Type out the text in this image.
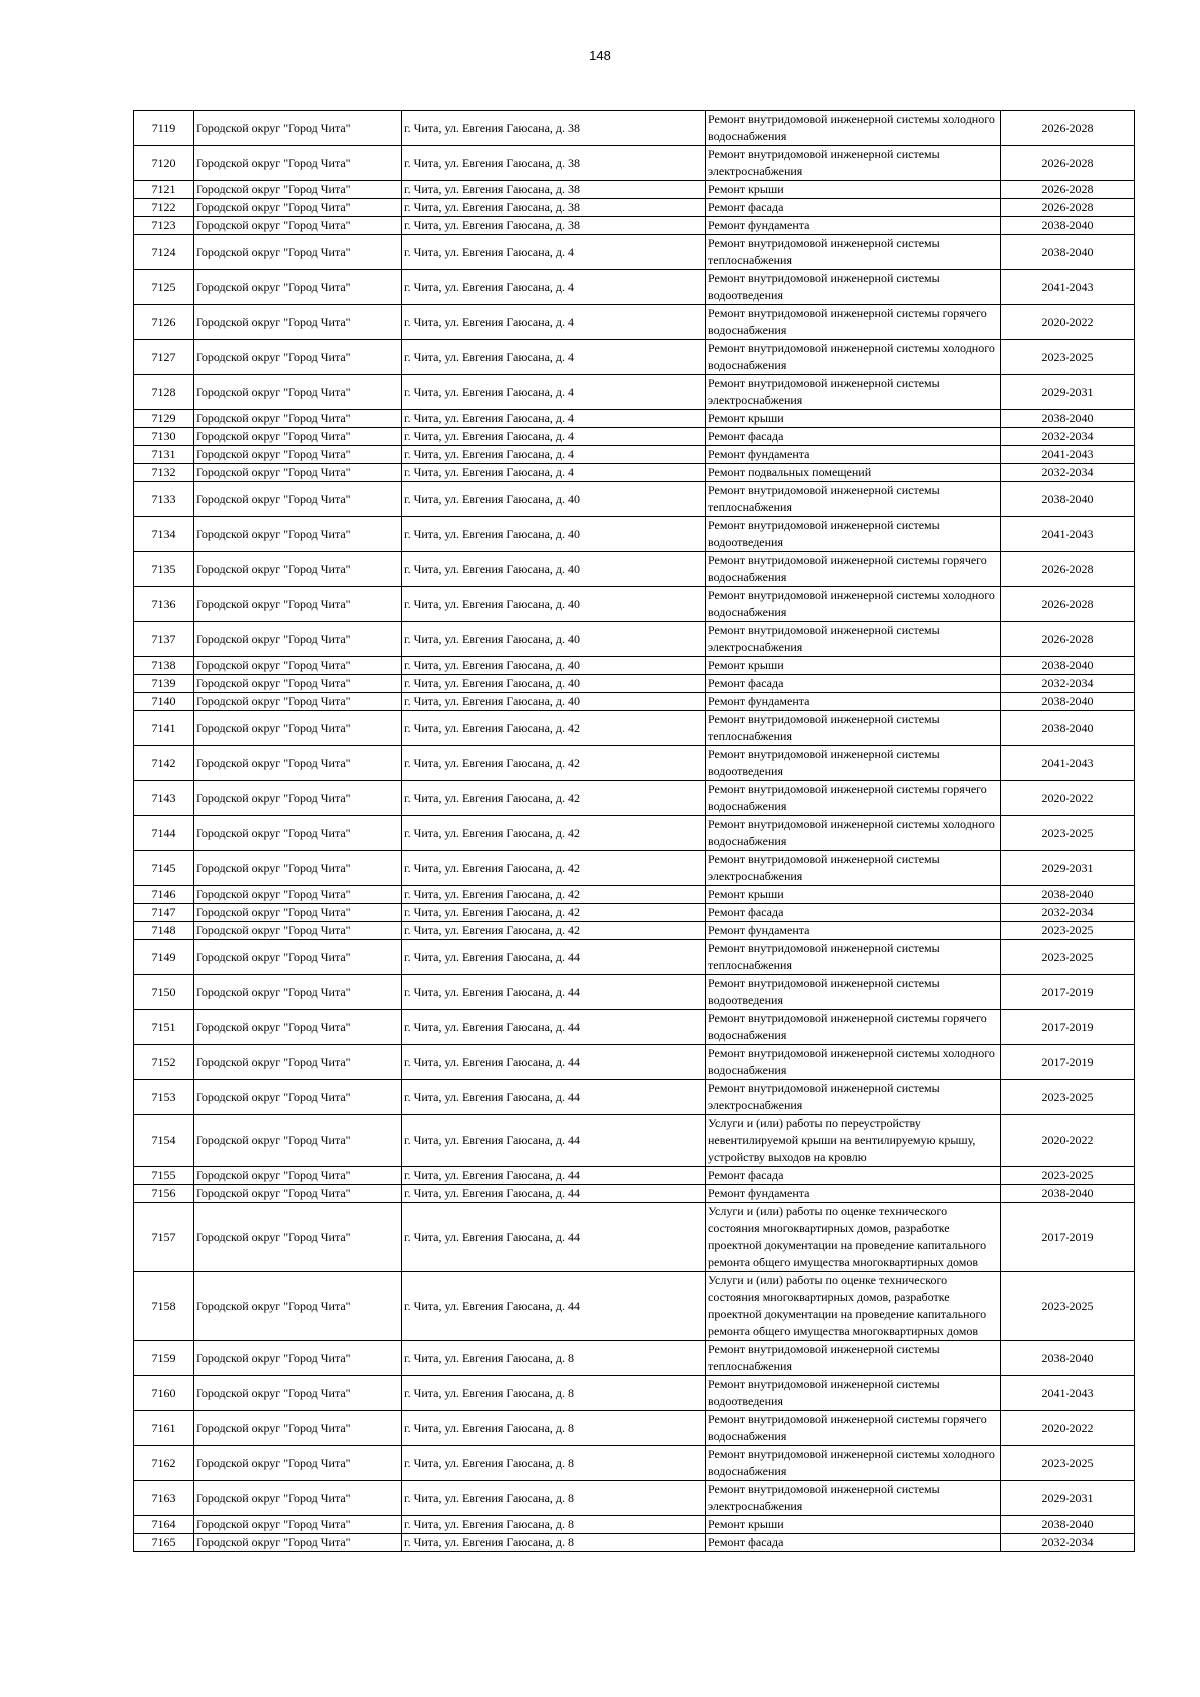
148
7119	Городской округ "Город Чита"	г. Чита, ул. Евгения Гаюсана, д. 38	Ремонт внутридомовой инженерной системы холодного водоснабжения	2026-2028
7120	Городской округ "Город Чита"	г. Чита, ул. Евгения Гаюсана, д. 38	Ремонт внутридомовой инженерной системы электроснабжения	2026-2028
7121	Городской округ "Город Чита"	г. Чита, ул. Евгения Гаюсана, д. 38	Ремонт крыши	2026-2028
7122	Городской округ "Город Чита"	г. Чита, ул. Евгения Гаюсана, д. 38	Ремонт фасада	2026-2028
7123	Городской округ "Город Чита"	г. Чита, ул. Евгения Гаюсана, д. 38	Ремонт фундамента	2038-2040
7124	Городской округ "Город Чита"	г. Чита, ул. Евгения Гаюсана, д. 4	Ремонт внутридомовой инженерной системы теплоснабжения	2038-2040
7125	Городской округ "Город Чита"	г. Чита, ул. Евгения Гаюсана, д. 4	Ремонт внутридомовой инженерной системы водоотведения	2041-2043
7126	Городской округ "Город Чита"	г. Чита, ул. Евгения Гаюсана, д. 4	Ремонт внутридомовой инженерной системы горячего водоснабжения	2020-2022
7127	Городской округ "Город Чита"	г. Чита, ул. Евгения Гаюсана, д. 4	Ремонт внутридомовой инженерной системы холодного водоснабжения	2023-2025
7128	Городской округ "Город Чита"	г. Чита, ул. Евгения Гаюсана, д. 4	Ремонт внутридомовой инженерной системы электроснабжения	2029-2031
7129	Городской округ "Город Чита"	г. Чита, ул. Евгения Гаюсана, д. 4	Ремонт крыши	2038-2040
7130	Городской округ "Город Чита"	г. Чита, ул. Евгения Гаюсана, д. 4	Ремонт фасада	2032-2034
7131	Городской округ "Город Чита"	г. Чита, ул. Евгения Гаюсана, д. 4	Ремонт фундамента	2041-2043
7132	Городской округ "Город Чита"	г. Чита, ул. Евгения Гаюсана, д. 4	Ремонт подвальных помещений	2032-2034
7133	Городской округ "Город Чита"	г. Чита, ул. Евгения Гаюсана, д. 40	Ремонт внутридомовой инженерной системы теплоснабжения	2038-2040
7134	Городской округ "Город Чита"	г. Чита, ул. Евгения Гаюсана, д. 40	Ремонт внутридомовой инженерной системы водоотведения	2041-2043
7135	Городской округ "Город Чита"	г. Чита, ул. Евгения Гаюсана, д. 40	Ремонт внутридомовой инженерной системы горячего водоснабжения	2026-2028
7136	Городской округ "Город Чита"	г. Чита, ул. Евгения Гаюсана, д. 40	Ремонт внутридомовой инженерной системы холодного водоснабжения	2026-2028
7137	Городской округ "Город Чита"	г. Чита, ул. Евгения Гаюсана, д. 40	Ремонт внутридомовой инженерной системы электроснабжения	2026-2028
7138	Городской округ "Город Чита"	г. Чита, ул. Евгения Гаюсана, д. 40	Ремонт крыши	2038-2040
7139	Городской округ "Город Чита"	г. Чита, ул. Евгения Гаюсана, д. 40	Ремонт фасада	2032-2034
7140	Городской округ "Город Чита"	г. Чита, ул. Евгения Гаюсана, д. 40	Ремонт фундамента	2038-2040
7141	Городской округ "Город Чита"	г. Чита, ул. Евгения Гаюсана, д. 42	Ремонт внутридомовой инженерной системы теплоснабжения	2038-2040
7142	Городской округ "Город Чита"	г. Чита, ул. Евгения Гаюсана, д. 42	Ремонт внутридомовой инженерной системы водоотведения	2041-2043
7143	Городской округ "Город Чита"	г. Чита, ул. Евгения Гаюсана, д. 42	Ремонт внутридомовой инженерной системы горячего водоснабжения	2020-2022
7144	Городской округ "Город Чита"	г. Чита, ул. Евгения Гаюсана, д. 42	Ремонт внутридомовой инженерной системы холодного водоснабжения	2023-2025
7145	Городской округ "Город Чита"	г. Чита, ул. Евгения Гаюсана, д. 42	Ремонт внутридомовой инженерной системы электроснабжения	2029-2031
7146	Городской округ "Город Чита"	г. Чита, ул. Евгения Гаюсана, д. 42	Ремонт крыши	2038-2040
7147	Городской округ "Город Чита"	г. Чита, ул. Евгения Гаюсана, д. 42	Ремонт фасада	2032-2034
7148	Городской округ "Город Чита"	г. Чита, ул. Евгения Гаюсана, д. 42	Ремонт фундамента	2023-2025
7149	Городской округ "Город Чита"	г. Чита, ул. Евгения Гаюсана, д. 44	Ремонт внутридомовой инженерной системы теплоснабжения	2023-2025
7150	Городской округ "Город Чита"	г. Чита, ул. Евгения Гаюсана, д. 44	Ремонт внутридомовой инженерной системы водоотведения	2017-2019
7151	Городской округ "Город Чита"	г. Чита, ул. Евгения Гаюсана, д. 44	Ремонт внутридомовой инженерной системы горячего водоснабжения	2017-2019
7152	Городской округ "Город Чита"	г. Чита, ул. Евгения Гаюсана, д. 44	Ремонт внутридомовой инженерной системы холодного водоснабжения	2017-2019
7153	Городской округ "Город Чита"	г. Чита, ул. Евгения Гаюсана, д. 44	Ремонт внутридомовой инженерной системы электроснабжения	2023-2025
7154	Городской округ "Город Чита"	г. Чита, ул. Евгения Гаюсана, д. 44	Услуги и (или) работы по переустройству невентилируемой крыши на вентилируемую крышу, устройству выходов на кровлю	2020-2022
7155	Городской округ "Город Чита"	г. Чита, ул. Евгения Гаюсана, д. 44	Ремонт фасада	2023-2025
7156	Городской округ "Город Чита"	г. Чита, ул. Евгения Гаюсана, д. 44	Ремонт фундамента	2038-2040
7157	Городской округ "Город Чита"	г. Чита, ул. Евгения Гаюсана, д. 44	Услуги и (или) работы по оценке технического состояния многоквартирных домов, разработке проектной документации на проведение капитального ремонта общего имущества многоквартирных домов	2017-2019
7158	Городской округ "Город Чита"	г. Чита, ул. Евгения Гаюсана, д. 44	Услуги и (или) работы по оценке технического состояния многоквартирных домов, разработке проектной документации на проведение капитального ремонта общего имущества многоквартирных домов	2023-2025
7159	Городской округ "Город Чита"	г. Чита, ул. Евгения Гаюсана, д. 8	Ремонт внутридомовой инженерной системы теплоснабжения	2038-2040
7160	Городской округ "Город Чита"	г. Чита, ул. Евгения Гаюсана, д. 8	Ремонт внутридомовой инженерной системы водоотведения	2041-2043
7161	Городской округ "Город Чита"	г. Чита, ул. Евгения Гаюсана, д. 8	Ремонт внутридомовой инженерной системы горячего водоснабжения	2020-2022
7162	Городской округ "Город Чита"	г. Чита, ул. Евгения Гаюсана, д. 8	Ремонт внутридомовой инженерной системы холодного водоснабжения	2023-2025
7163	Городской округ "Город Чита"	г. Чита, ул. Евгения Гаюсана, д. 8	Ремонт внутридомовой инженерной системы электроснабжения	2029-2031
7164	Городской округ "Город Чита"	г. Чита, ул. Евгения Гаюсана, д. 8	Ремонт крыши	2038-2040
7165	Городской округ "Город Чита"	г. Чита, ул. Евгения Гаюсана, д. 8	Ремонт фасада	2032-2034
